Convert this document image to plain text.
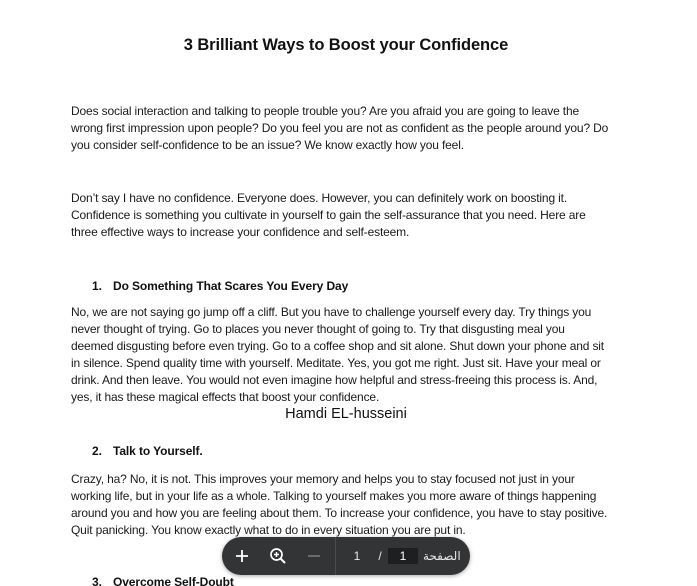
3 Brilliant Ways to Boost your Confidence
Does social interaction and talking to people trouble you? Are you afraid you are going to leave the
wrong first impression upon people? Do you feel you are not as confident as the people around you? Do
you consider self-confidence to be an issue? We know exactly how you feel.
Don’t say I have no confidence. Everyone does. However, you can definitely work on boosting it.
Confidence is something you cultivate in yourself to gain the self-assurance that you need. Here are
three effective ways to increase your confidence and self-esteem.
1. Do Something That Scares You Every Day
No, we are not saying go jump off a cliff. But you have to challenge yourself every day. Try things you
never thought of trying. Go to places you never thought of going to. Try that disgusting meal you
deemed disgusting before even trying. Go to a coffee shop and sit alone. Shut down your phone and sit
in silence. Spend quality time with yourself. Meditate. Yes, you got me right. Just sit. Have your meal or
drink. And then leave. You would not even imagine how helpful and stress-freeing this process is. And,
yes, it has these magical effects that boost your confidence.
Hamdi EL-husseini
2. Talk to Yourself.
Crazy, ha? No, it is not. This improves your memory and helps you to stay focused not just in your
working life, but in your life as a whole. Talking to yourself makes you more aware of things happening
around you and how you are feeling about them. To increase your confidence, you have to stay positive.
Quit panicking. You know exactly what to do in every situation you are put in.
3. Overcome Self-Doubt
1 /
1	الصفحة
